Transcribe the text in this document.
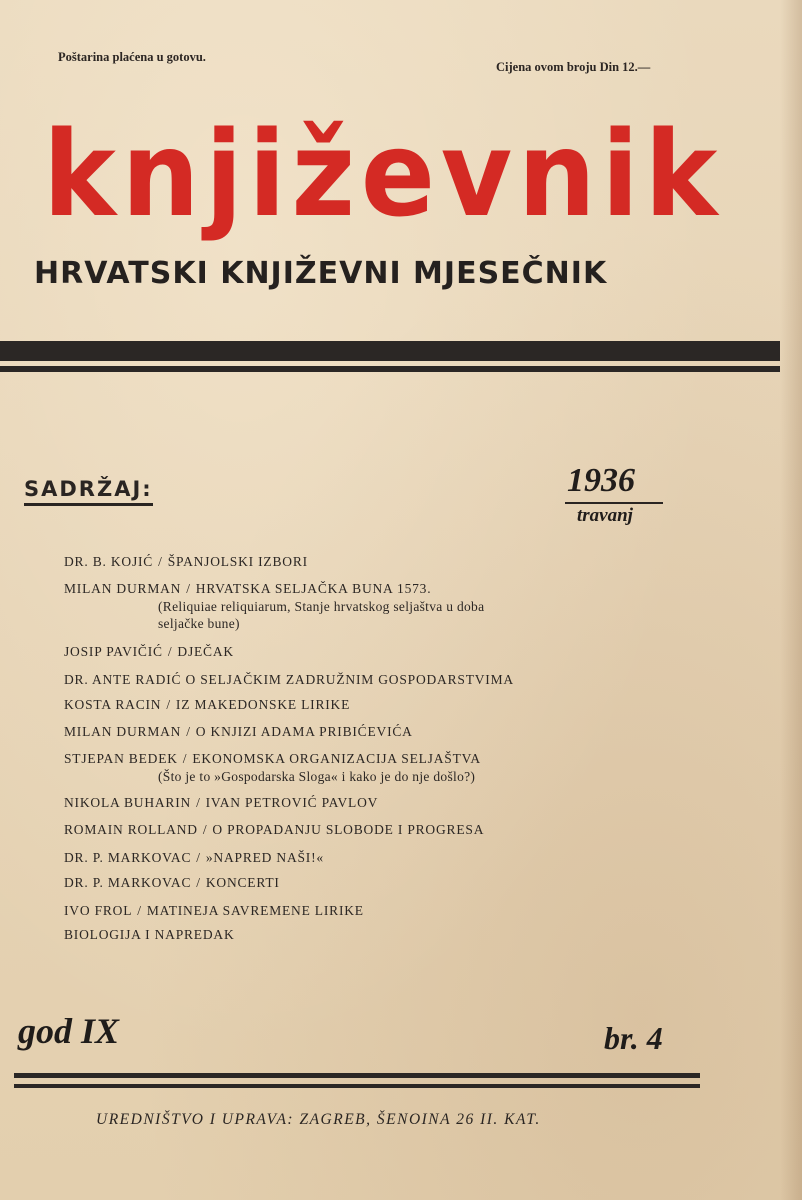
Poštarina plaćena u gotovu.
Cijena ovom broju Din 12.—
književnik
HRVATSKI KNJIŽEVNI MJESEČNIK
SADRŽAJ:	1936
travanj
DR. B. KOJIĆ / ŠPANJOLSKI IZBORI
MILAN DURMAN / HRVATSKA SELJAČKA BUNA 1573.
(Reliquiae reliquiarum, Stanje hrvatskog seljaštva u doba
seljačke bune)
JOSIP PAVIČIĆ / DJEČAK
DR. ANTE RADIĆ O SELJAČKIM ZADRUŽNIM GOSPODARSTVIMA
KOSTA RACIN / IZ MAKEDONSKE LIRIKE
MILAN DURMAN / O KNJIZI ADAMA PRIBIĆEVIĆA
STJEPAN BEDEK / EKONOMSKA ORGANIZACIJA SELJAŠTVA
(Što je to »Gospodarska Sloga« i kako je do nje došlo?)
NIKOLA BUHARIN / IVAN PETROVIĆ PAVLOV
ROMAIN ROLLAND / O PROPADANJU SLOBODE I PROGRESA
DR. P. MARKOVAC / »NAPRED NAŠI!«
DR. P. MARKOVAC / KONCERTI
IVO FROL / MATINEJA SAVREMENE LIRIKE
BIOLOGIJA I NAPREDAK
god IX	br. 4
UREDNIŠTVO I UPRAVA: ZAGREB, ŠENOINA 26 II. KAT.
